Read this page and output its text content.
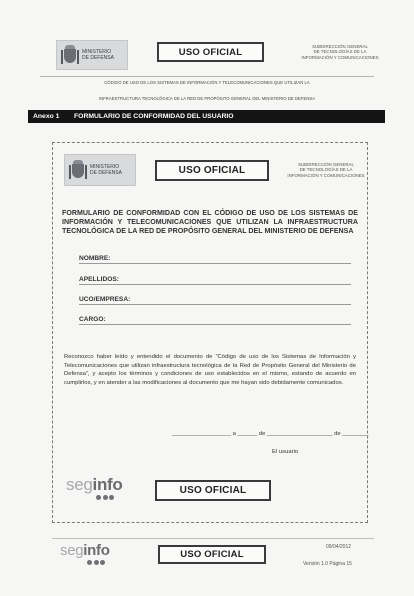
MINISTERIO
DE DEFENSA
USO OFICIAL	SUBDIRECCIÓN GENERAL
DE TECNOLOGÍAS DE LA
INFORMACIÓN Y COMUNICACIONES
CÓDIGO DE USO DE LOS SISTEMAS DE INFORMACIÓN Y TELECOMUNICACIONES QUE UTILIZAN LA
INFRAESTRUCTURA TECNOLÓGICA DE LA RED DE PROPÓSITO GENERAL DEL MINISTERIO DE DEFENSA
Anexo 1	FORMULARIO DE CONFORMIDAD DEL USUARIO
MINISTERIO
DE DEFENSA	USO OFICIAL
SUBDIRECCIÓN GENERAL
DE TECNOLOGÍAS DE LA
INFORMACIÓN Y COMUNICACIONES
FORMULARIO DE CONFORMIDAD CON EL CÓDIGO DE USO DE LOS SISTEMAS DE INFORMACIÓN Y TELECOMUNICACIONES QUE UTILIZAN LA INFRAESTRUCTURA TECNOLÓGICA DE LA RED DE PROPÓSITO GENERAL DEL MINISTERIO DE DEFENSA
NOMBRE:
APELLIDOS:
UCO/EMPRESA:
CARGO:
Reconozco haber leído y entendido el documento de “Código de uso de los Sistemas de Información y Telecomunicaciones que utilizan infraestructura tecnológica de la Red de Propósito General del Ministerio de Defensa”, y acepto los términos y condiciones de uso establecidos en el mismo, estando de acuerdo en cumplirlos, y en atender a las modificaciones al documento que me hayan sido debidamente comunicados.
__________________ a ______ de ____________________ de ________
El usuario
seginfo	USO OFICIAL
seginfo	USO OFICIAL
09/04/2012
Versión 1.0 Página 15
